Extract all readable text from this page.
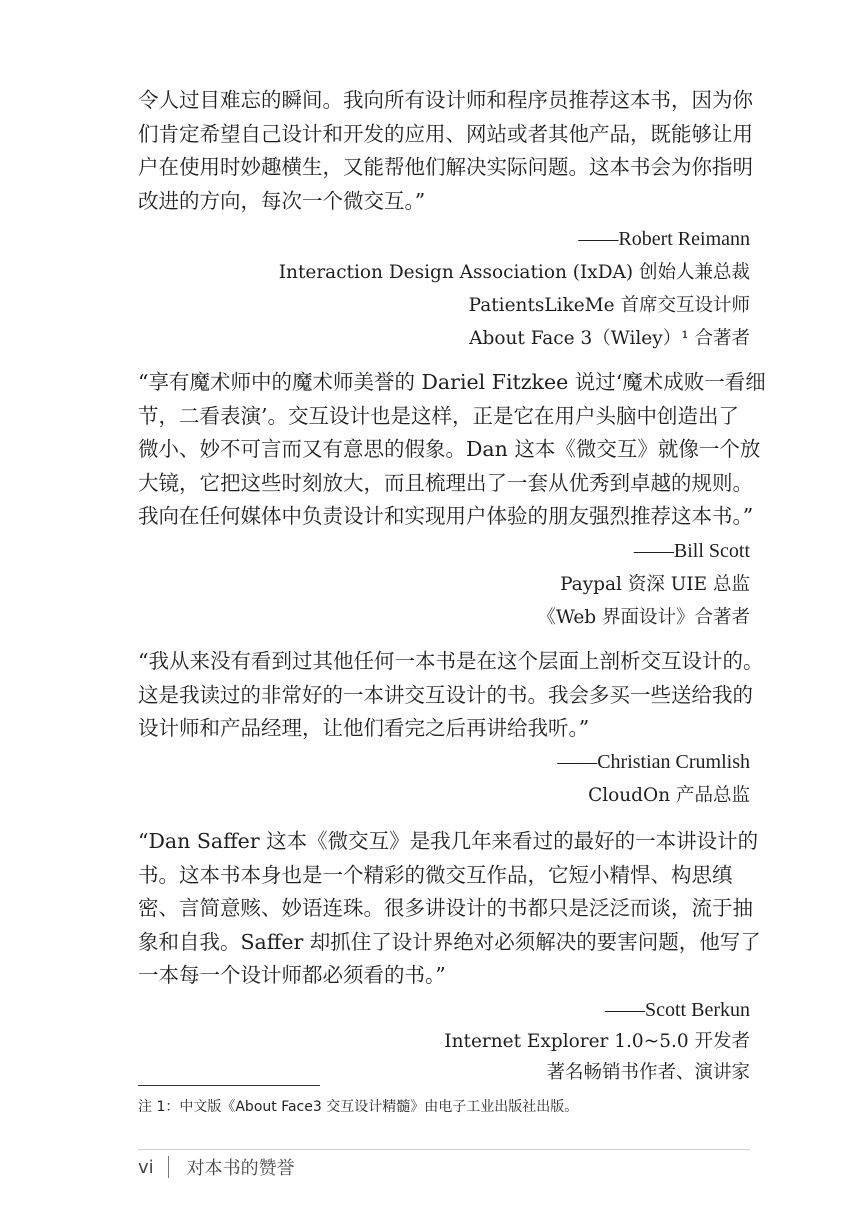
令人过目难忘的瞬间。我向所有设计师和程序员推荐这本书，因为你
们肯定希望自己设计和开发的应用、网站或者其他产品，既能够让用
户在使用时妙趣横生，又能帮他们解决实际问题。这本书会为你指明
改进的方向，每次一个微交互。”
——Robert Reimann
Interaction Design Association (IxDA) 创始人兼总裁
PatientsLikeMe 首席交互设计师
About Face 3（Wiley）¹ 合著者
“享有魔术师中的魔术师美誉的 Dariel Fitzkee 说过‘魔术成败一看细
节，二看表演’。交互设计也是这样，正是它在用户头脑中创造出了
微小、妙不可言而又有意思的假象。Dan 这本《微交互》就像一个放
大镜，它把这些时刻放大，而且梳理出了一套从优秀到卓越的规则。
我向在任何媒体中负责设计和实现用户体验的朋友强烈推荐这本书。”
——Bill Scott
Paypal 资深 UIE 总监
《Web 界面设计》合著者
“我从来没有看到过其他任何一本书是在这个层面上剖析交互设计的。
这是我读过的非常好的一本讲交互设计的书。我会多买一些送给我的
设计师和产品经理，让他们看完之后再讲给我听。”
——Christian Crumlish
CloudOn 产品总监
“Dan Saffer 这本《微交互》是我几年来看过的最好的一本讲设计的
书。这本书本身也是一个精彩的微交互作品，它短小精悍、构思缜
密、言简意赅、妙语连珠。很多讲设计的书都只是泛泛而谈，流于抽
象和自我。Saffer 却抓住了设计界绝对必须解决的要害问题，他写了
一本每一个设计师都必须看的书。”
——Scott Berkun
Internet Explorer 1.0~5.0 开发者
著名畅销书作者、演讲家
注 1：中文版《About Face3 交互设计精髓》由电子工业出版社出版。
vi 对本书的赞誉
